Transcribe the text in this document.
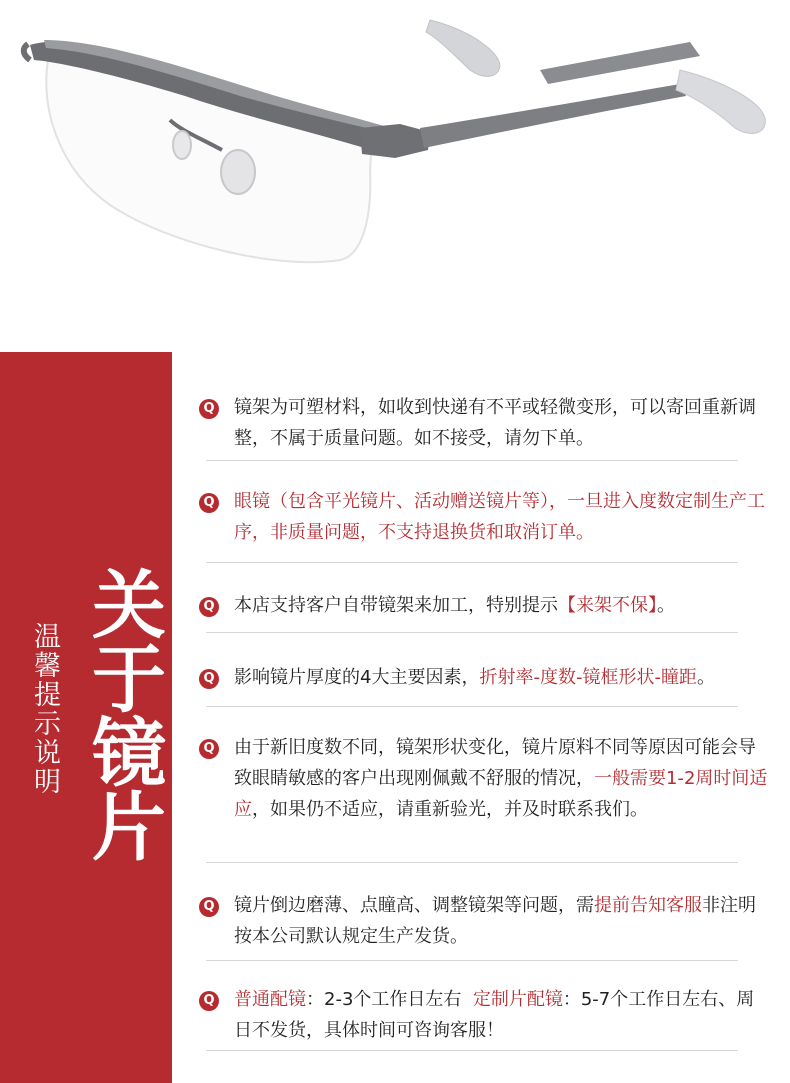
温馨提示说明 关于镜片
Q 镜架为可塑材料，如收到快递有不平或轻微变形，可以寄回重新调整，不属于质量问题。如不接受，请勿下单。
Q 眼镜（包含平光镜片、活动赠送镜片等），一旦进入度数定制生产工序，非质量问题，不支持退换货和取消订单。
Q 本店支持客户自带镜架来加工，特别提示【来架不保】。
Q 影响镜片厚度的4大主要因素，折射率-度数-镜框形状-瞳距。
Q 由于新旧度数不同，镜架形状变化，镜片原料不同等原因可能会导致眼睛敏感的客户出现刚佩戴不舒服的情况，一般需要1-2周时间适应，如果仍不适应，请重新验光，并及时联系我们。
Q 镜片倒边磨薄、点瞳高、调整镜架等问题，需提前告知客服非注明按本公司默认规定生产发货。
Q 普通配镜：2-3个工作日左右  定制片配镜：5-7个工作日左右、周日不发货，具体时间可咨询客服！
